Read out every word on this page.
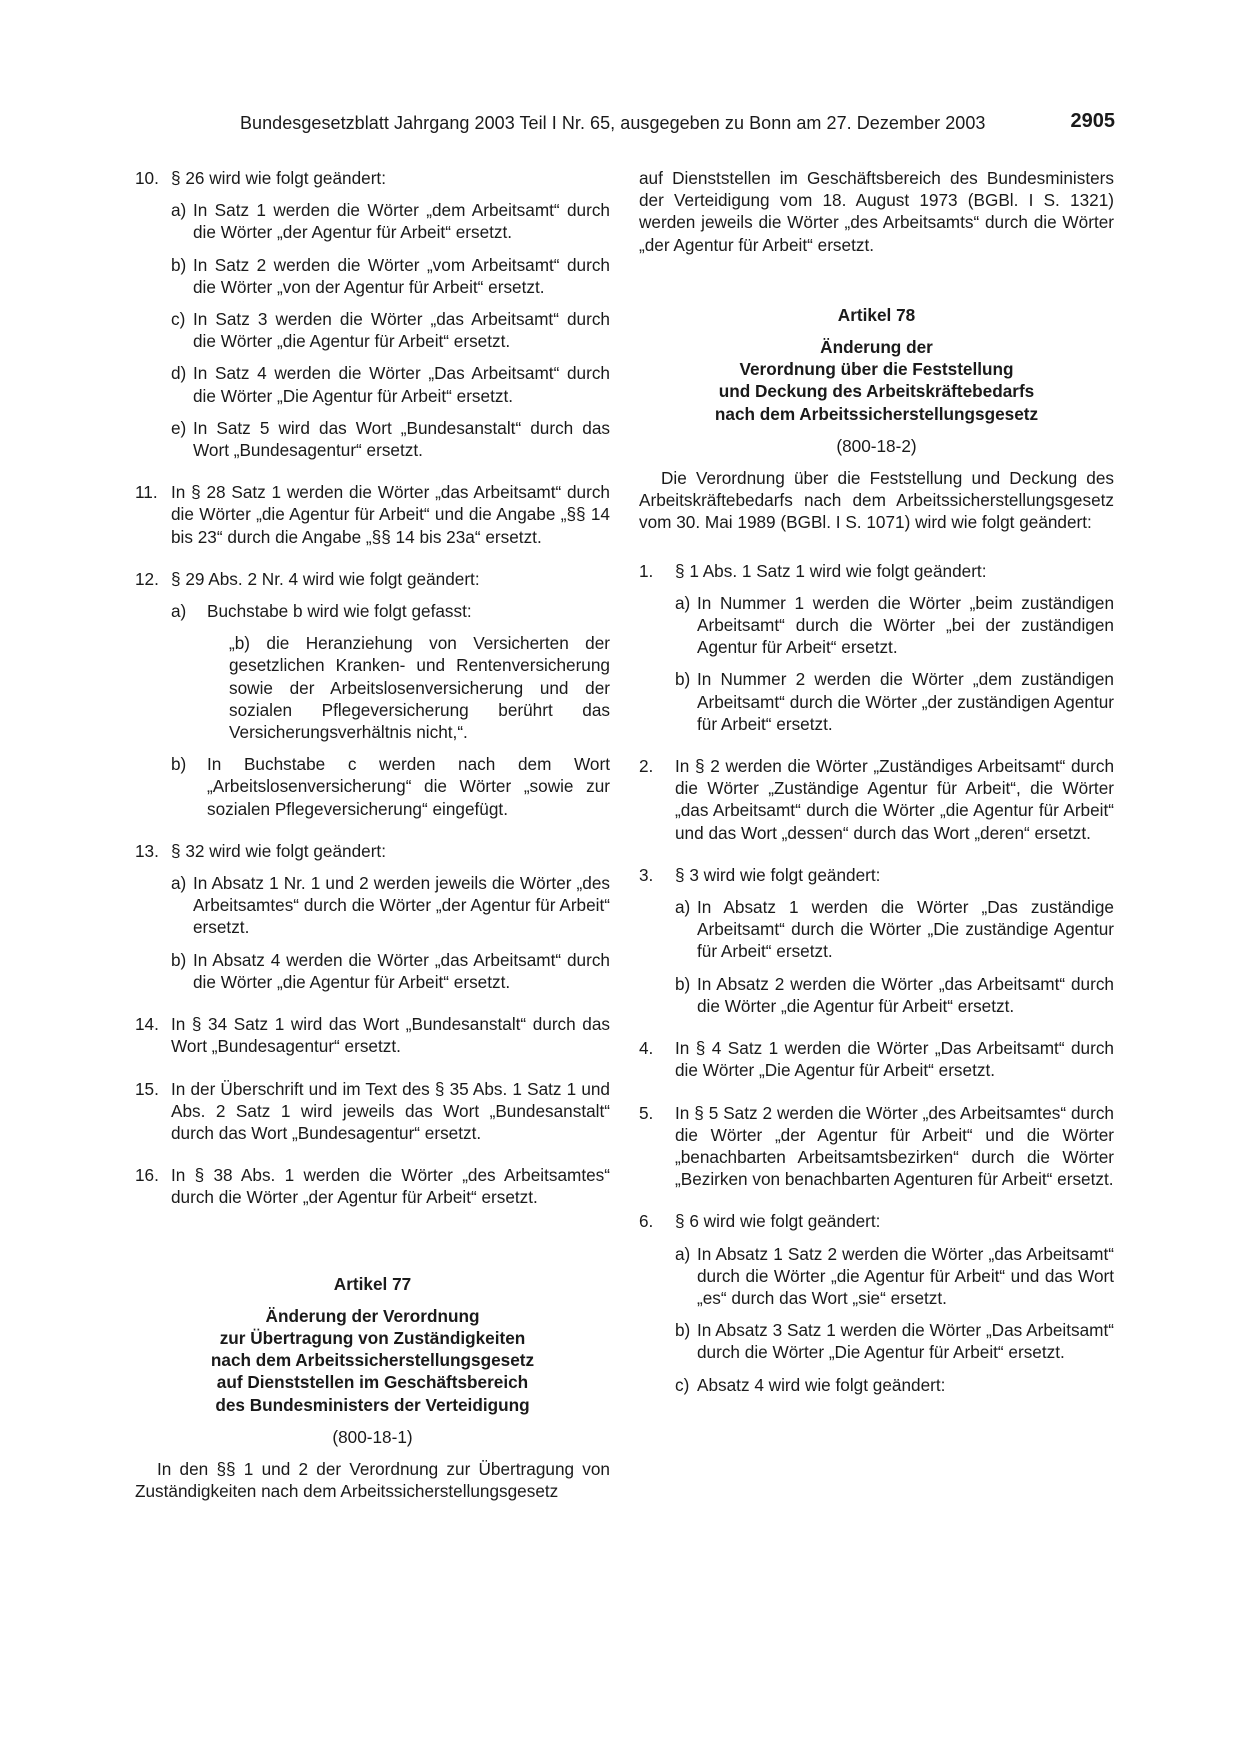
Bundesgesetzblatt Jahrgang 2003 Teil I Nr. 65, ausgegeben zu Bonn am 27. Dezember 2003	2905
10. § 26 wird wie folgt geändert:
a) In Satz 1 werden die Wörter „dem Arbeitsamt“ durch die Wörter „der Agentur für Arbeit“ ersetzt.
b) In Satz 2 werden die Wörter „vom Arbeitsamt“ durch die Wörter „von der Agentur für Arbeit“ ersetzt.
c) In Satz 3 werden die Wörter „das Arbeitsamt“ durch die Wörter „die Agentur für Arbeit“ ersetzt.
d) In Satz 4 werden die Wörter „Das Arbeitsamt“ durch die Wörter „Die Agentur für Arbeit“ ersetzt.
e) In Satz 5 wird das Wort „Bundesanstalt“ durch das Wort „Bundesagentur“ ersetzt.
11. In § 28 Satz 1 werden die Wörter „das Arbeitsamt“ durch die Wörter „die Agentur für Arbeit“ und die Angabe „§§ 14 bis 23“ durch die Angabe „§§ 14 bis 23a“ ersetzt.
12. § 29 Abs. 2 Nr. 4 wird wie folgt geändert:
a) Buchstabe b wird wie folgt gefasst:
„b) die Heranziehung von Versicherten der gesetzlichen Kranken- und Rentenversicherung sowie der Arbeitslosenversicherung und der sozialen Pflegeversicherung berührt das Versicherungsverhältnis nicht,“.
b) In Buchstabe c werden nach dem Wort „Arbeitslosenversicherung“ die Wörter „sowie zur sozialen Pflegeversicherung“ eingefügt.
13. § 32 wird wie folgt geändert:
a) In Absatz 1 Nr. 1 und 2 werden jeweils die Wörter „des Arbeitsamtes“ durch die Wörter „der Agentur für Arbeit“ ersetzt.
b) In Absatz 4 werden die Wörter „das Arbeitsamt“ durch die Wörter „die Agentur für Arbeit“ ersetzt.
14. In § 34 Satz 1 wird das Wort „Bundesanstalt“ durch das Wort „Bundesagentur“ ersetzt.
15. In der Überschrift und im Text des § 35 Abs. 1 Satz 1 und Abs. 2 Satz 1 wird jeweils das Wort „Bundesanstalt“ durch das Wort „Bundesagentur“ ersetzt.
16. In § 38 Abs. 1 werden die Wörter „des Arbeitsamtes“ durch die Wörter „der Agentur für Arbeit“ ersetzt.
Artikel 77
Änderung der Verordnung
zur Übertragung von Zuständigkeiten
nach dem Arbeitssicherstellungsgesetz
auf Dienststellen im Geschäftsbereich
des Bundesministers der Verteidigung
(800-18-1)

In den §§ 1 und 2 der Verordnung zur Übertragung von Zuständigkeiten nach dem Arbeitssicherstellungsgesetz

auf Dienststellen im Geschäftsbereich des Bundesministers der Verteidigung vom 18. August 1973 (BGBl. I S. 1321) werden jeweils die Wörter „des Arbeitsamts“ durch die Wörter „der Agentur für Arbeit“ ersetzt.

Artikel 78
Änderung der
Verordnung über die Feststellung
und Deckung des Arbeitskräftebedarfs
nach dem Arbeitssicherstellungsgesetz
(800-18-2)

Die Verordnung über die Feststellung und Deckung des Arbeitskräftebedarfs nach dem Arbeitssicherstellungsgesetz vom 30. Mai 1989 (BGBl. I S. 1071) wird wie folgt geändert:

1. § 1 Abs. 1 Satz 1 wird wie folgt geändert:
a) In Nummer 1 werden die Wörter „beim zuständigen Arbeitsamt“ durch die Wörter „bei der zuständigen Agentur für Arbeit“ ersetzt.
b) In Nummer 2 werden die Wörter „dem zuständigen Arbeitsamt“ durch die Wörter „der zuständigen Agentur für Arbeit“ ersetzt.
2. In § 2 werden die Wörter „Zuständiges Arbeitsamt“ durch die Wörter „Zuständige Agentur für Arbeit“, die Wörter „das Arbeitsamt“ durch die Wörter „die Agentur für Arbeit“ und das Wort „dessen“ durch das Wort „deren“ ersetzt.
3. § 3 wird wie folgt geändert:
a) In Absatz 1 werden die Wörter „Das zuständige Arbeitsamt“ durch die Wörter „Die zuständige Agentur für Arbeit“ ersetzt.
b) In Absatz 2 werden die Wörter „das Arbeitsamt“ durch die Wörter „die Agentur für Arbeit“ ersetzt.
4. In § 4 Satz 1 werden die Wörter „Das Arbeitsamt“ durch die Wörter „Die Agentur für Arbeit“ ersetzt.
5. In § 5 Satz 2 werden die Wörter „des Arbeitsamtes“ durch die Wörter „der Agentur für Arbeit“ und die Wörter „benachbarten Arbeitsamtsbezirken“ durch die Wörter „Bezirken von benachbarten Agenturen für Arbeit“ ersetzt.
6. § 6 wird wie folgt geändert:
a) In Absatz 1 Satz 2 werden die Wörter „das Arbeitsamt“ durch die Wörter „die Agentur für Arbeit“ und das Wort „es“ durch das Wort „sie“ ersetzt.
b) In Absatz 3 Satz 1 werden die Wörter „Das Arbeitsamt“ durch die Wörter „Die Agentur für Arbeit“ ersetzt.
c) Absatz 4 wird wie folgt geändert:
